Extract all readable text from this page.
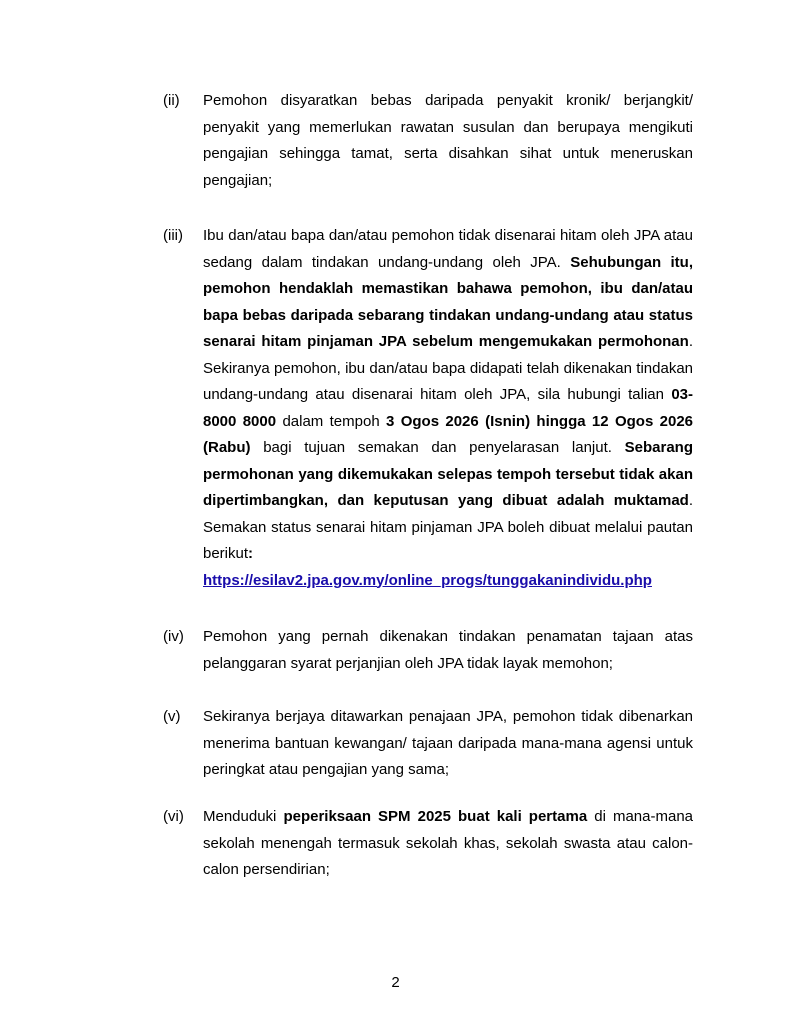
(ii)	Pemohon disyaratkan bebas daripada penyakit kronik/ berjangkit/ penyakit yang memerlukan rawatan susulan dan berupaya mengikuti pengajian sehingga tamat, serta disahkan sihat untuk meneruskan pengajian;
(iii)	Ibu dan/atau bapa dan/atau pemohon tidak disenarai hitam oleh JPA atau sedang dalam tindakan undang-undang oleh JPA. Sehubungan itu, pemohon hendaklah memastikan bahawa pemohon, ibu dan/atau bapa bebas daripada sebarang tindakan undang-undang atau status senarai hitam pinjaman JPA sebelum mengemukakan permohonan. Sekiranya pemohon, ibu dan/atau bapa didapati telah dikenakan tindakan undang-undang atau disenarai hitam oleh JPA, sila hubungi talian 03-8000 8000 dalam tempoh 3 Ogos 2026 (Isnin) hingga 12 Ogos 2026 (Rabu) bagi tujuan semakan dan penyelarasan lanjut. Sebarang permohonan yang dikemukakan selepas tempoh tersebut tidak akan dipertimbangkan, dan keputusan yang dibuat adalah muktamad. Semakan status senarai hitam pinjaman JPA boleh dibuat melalui pautan berikut:
https://esilav2.jpa.gov.my/online_progs/tunggakanindividu.php
(iv)	Pemohon yang pernah dikenakan tindakan penamatan tajaan atas pelanggaran syarat perjanjian oleh JPA tidak layak memohon;
(v)	Sekiranya berjaya ditawarkan penajaan JPA, pemohon tidak dibenarkan menerima bantuan kewangan/ tajaan daripada mana-mana agensi untuk peringkat atau pengajian yang sama;
(vi)	Menduduki peperiksaan SPM 2025 buat kali pertama di mana-mana sekolah menengah termasuk sekolah khas, sekolah swasta atau calon-calon persendirian;
2
